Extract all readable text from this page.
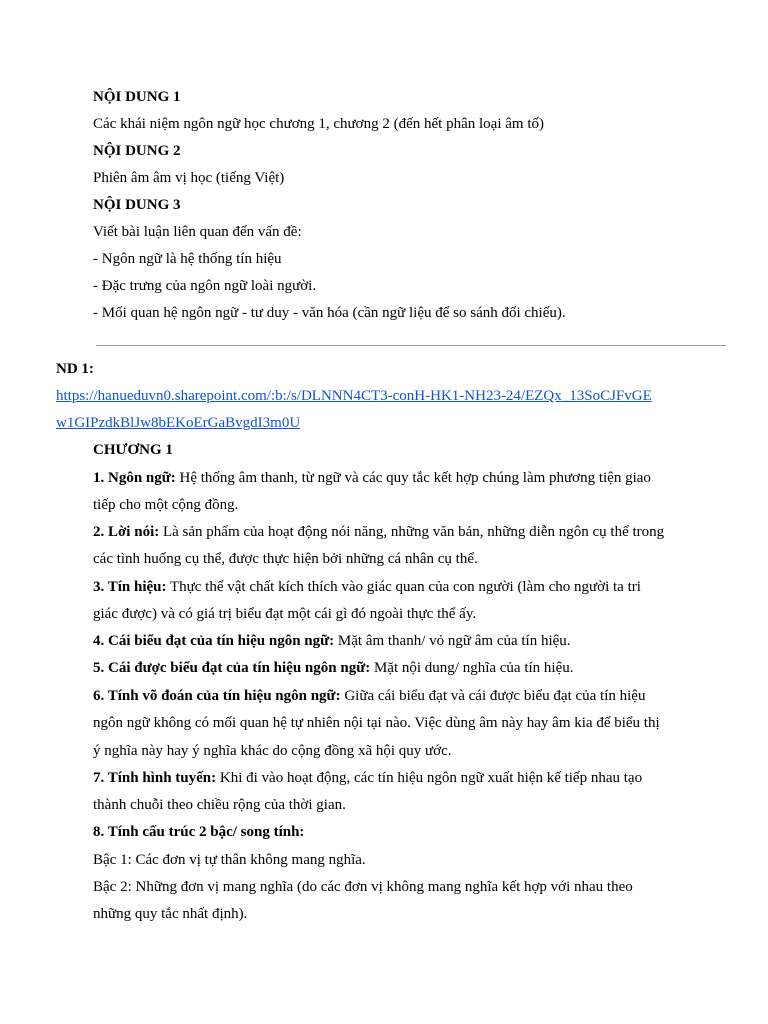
NỘI DUNG 1
Các khái niệm ngôn ngữ học chương 1, chương 2 (đến hết phân loại âm tố)
NỘI DUNG 2
Phiên âm âm vị học (tiếng Việt)
NỘI DUNG 3
Viết bài luận liên quan đến vấn đề:
- Ngôn ngữ là hệ thống tín hiệu
- Đặc trưng của ngôn ngữ loài người.
- Mối quan hệ ngôn ngữ - tư duy - văn hóa (cần ngữ liệu để so sánh đối chiếu).
ND 1:
https://hanueduvn0.sharepoint.com/:b:/s/DLNNN4CT3-conH-HK1-NH23-24/EZQx_13SoCJFvGE
w1GIPzdkBlJw8bEKoErGaBvgdI3m0U
CHƯƠNG 1
1. Ngôn ngữ: Hệ thống âm thanh, từ ngữ và các quy tắc kết hợp chúng làm phương tiện giao
tiếp cho một cộng đồng.
2. Lời nói: Là sản phẩm của hoạt động nói năng, những văn bản, những diễn ngôn cụ thể trong
các tình huống cụ thể, được thực hiện bởi những cá nhân cụ thể.
3. Tín hiệu: Thực thể vật chất kích thích vào giác quan của con người (làm cho người ta tri
giác được) và có giá trị biểu đạt một cái gì đó ngoài thực thể ấy.
4. Cái biểu đạt của tín hiệu ngôn ngữ: Mặt âm thanh/ vỏ ngữ âm của tín hiệu.
5. Cái được biểu đạt của tín hiệu ngôn ngữ: Mặt nội dung/ nghĩa của tín hiệu.
6. Tính võ đoán của tín hiệu ngôn ngữ: Giữa cái biểu đạt và cái được biểu đạt của tín hiệu
ngôn ngữ không có mối quan hệ tự nhiên nội tại nào. Việc dùng âm này hay âm kia để biểu thị
ý nghĩa này hay ý nghĩa khác do cộng đồng xã hội quy ước.
7. Tính hình tuyến: Khi đi vào hoạt động, các tín hiệu ngôn ngữ xuất hiện kế tiếp nhau tạo
thành chuỗi theo chiều rộng của thời gian.
8. Tính cấu trúc 2 bậc/ song tính:
Bậc 1: Các đơn vị tự thân không mang nghĩa.
Bậc 2: Những đơn vị mang nghĩa (do các đơn vị không mang nghĩa kết hợp với nhau theo
những quy tắc nhất định).
